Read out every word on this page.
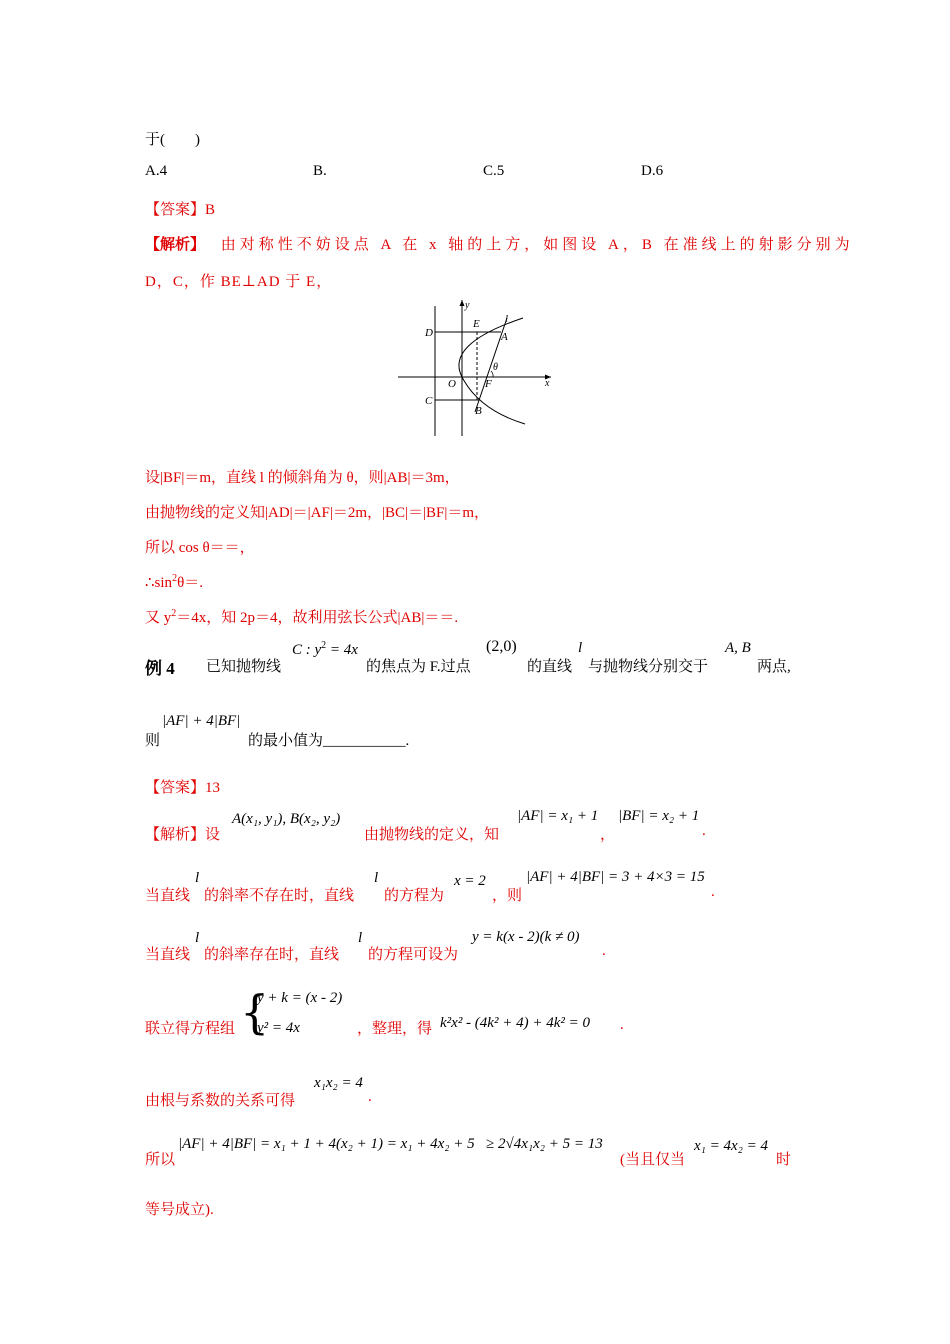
于(　　)
A.4	B.	C.5	D.6
【答案】B
【解析】 由对称性不妨设点 A 在 x 轴的上方，如图设 A，B 在准线上的射影分别为
D，C，作 BE⊥AD 于 E，
y
x
O
D
C
E
A
B
F
l
θ
设|BF|＝m，直线 l 的倾斜角为 θ，则|AB|＝3m，
由抛物线的定义知|AD|＝|AF|＝2m，|BC|＝|BF|＝m，
所以 cos θ＝＝，
$\therefore\sin^2\theta=$.
又 $y^2=4x$，知 2p＝4，故利用弦长公式|AB|＝＝.
例 4 已知抛物线
C : $y^2 = 4x$
的焦点为 F.过点
(2,0)
的直线
l
与抛物线分别交于
A, B
两点,
则
|AF| + 4|BF|
的最小值为___________.
【答案】13
【解析】设
A(x₁, y₁), B(x₂, y₂)
由抛物线的定义，知
|AF| = x₁ + 1
，
|BF| = x₂ + 1
.
当直线
l
的斜率不存在时，直线
l
的方程为
x = 2
，则
|AF| + 4|BF| = 3 + 4×3 = 15
.
当直线
l
的斜率存在时，直线
l
的方程可设为
y = k(x - 2)(k ≠ 0)
.
联立得方程组 {
y + k = (x - 2)
y² = 4x	，整理，得 k²x² - (4k² + 4) + 4k² = 0 .
由根与系数的关系可得
x₁x₂ = 4
.
所以
|AF| + 4|BF| = x₁ + 1 + 4(x₂ + 1) = x₁ + 4x₂ + 5 ≥ 2√4x₁x₂ + 5 = 13
(当且仅当
x₁ = 4x₂ = 4
时
等号成立).
